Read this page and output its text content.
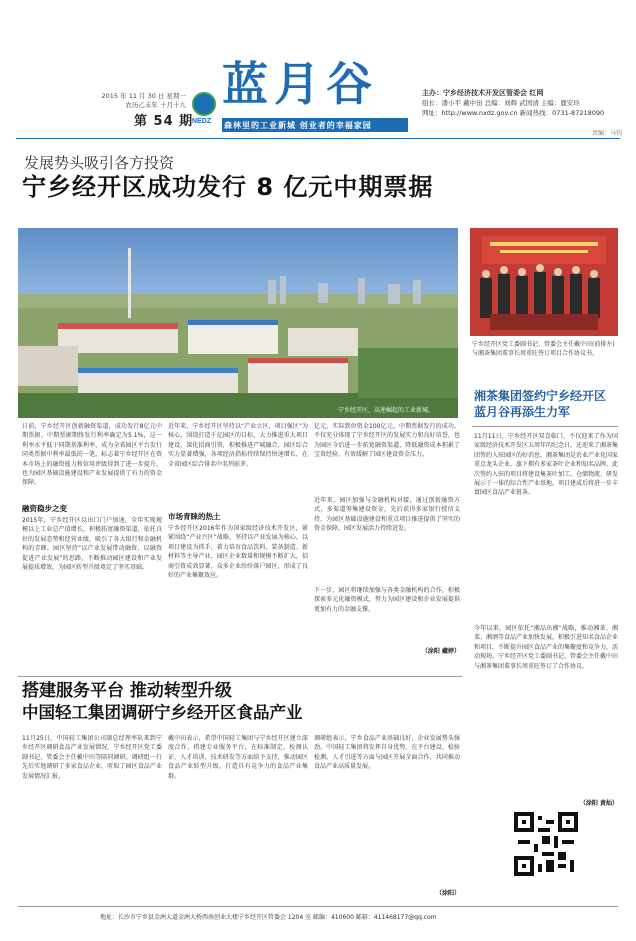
2015 年 11 月 30 日 星期一
农历乙未年 十月十九
第 54 期
NEDZ
蓝月谷
森林里的工业新城 创业者的幸福家园
主办：宁乡经济技术开发区管委会 红网
组长：潘小平 戴中田 总编：刘辉 武国清 主编：鹿安玲
网址：http://www.nxdz.gov.cn 新闻热线：0731-87218090
责编：马钧
发展势头吸引各方投资
宁乡经开区成功发行 8 亿元中期票据
宁乡经开区，高速崛起的工业新城。
日前，宁乡经开区创新融资渠道，成功发行8亿元中期票据。中期票据期终发行利率确定为5.1%，这一利率水平低于同期基准利率，成为全省园区平台发行同类票据中利率最低的一笔，标志着宁乡经开区在资本市场上的融资能力和信用评级得到了进一步提升，也为园区基础设施建设和产业发展提供了有力的资金保障。
融资稳步之变
2015年，宁乡经开区以出口门户加速，全年实现规模以上工业总产值增长，积极拓宽融资渠道，依托良好的发展态势和经营业绩，吸引了各大银行和金融机构的青睐。园区坚持“以产业发展带动融资、以融资促进产业发展”的思路，不断推动园区建设和产业发展提质增效，为园区转型升级奠定了坚实基础。
近年来，宁乡经开区坚持以“产业立区、项目强区”为核心，围绕打造千亿园区的目标，大力推进重大项目建设，深化招商引资，积极推进产城融合，园区综合实力显著增强，各项经济指标持续保持快速增长，在全省园区综合排名中名列前茅。
市场青睐的热土
宁乡经开区2016年作为国家级经济技术开发区，紧紧围绕“产业兴区”战略，坚持以产业发展为核心，以项目建设为抓手，着力培育食品饮料、装备制造、新材料等主导产业，园区企业数量和规模不断扩大，招商引资成效显著，众多企业纷纷落户园区，形成了良好的产业集聚效应。
亿元，实际到位资金100亿元。中期票据发行的成功，不仅充分体现了宁乡经开区的发展实力和良好信誉，也为园区今后进一步拓宽融资渠道、降低融资成本积累了宝贵经验，有效缓解了园区建设资金压力。
近年来，园区加强与金融机构对接，通过创新融资方式，多渠道筹集建设资金，先后获得多家银行授信支持，为园区基础设施建设和重点项目推进提供了坚实的资金保障，园区发展活力持续迸发。
下一步，园区将继续加强与各类金融机构的合作，积极探索多元化融资模式，努力为园区建设和企业发展提供更加有力的金融支撑。
（涂阳 藏婷）
宁乡经开区党工委副书记、管委会主任戴中田(前排左)与湘茶集团董事长周重旺签订项目合作协议书。
湘茶集团签约宁乡经开区
蓝月谷再添生力军
11月11日，宁乡经开区双喜临门，不仅迎来了作为国家级经济技术开发区五周年的纪念日，还迎来了湘茶集团签约入驻园区的好消息。湘茶集团是农业产业化国家重点龙头企业，旗下拥有多家茶叶企业和知名品牌。此次签约入驻的项目将建设集茶叶加工、仓储物流、研发展示于一体的综合性产业基地，项目建成后将进一步丰富园区食品产业链条。
今年以来，园区依托“湘品出湘”战略，推动湘茶、湘菜、湘酒等食品产业加快发展，积极引进知名食品企业和项目，不断提升园区食品产业的集聚度和竞争力。活动现场，宁乡经开区党工委副书记、管委会主任戴中田与湘茶集团董事长周重旺签订了合作协议。
（涂阳 黄灿）
搭建服务平台 推动转型升级
中国轻工集团调研宁乡经开区食品产业
11月25日，中国轻工集团公司副总经理率队来到宁乡经开区调研食品产业发展情况。宁乡经开区党工委副书记、管委会主任戴中田等陪同调研。调研组一行先后实地调研了多家食品企业，听取了园区食品产业发展情况汇报。
戴中田表示，希望中国轻工集团与宁乡经开区建立深度合作，搭建专业服务平台，在标准制定、检测认证、人才培训、技术研发等方面给予支持，推动园区食品产业转型升级，打造具有竞争力的食品产业集群。
调研组表示，宁乡食品产业基础良好，企业发展势头强劲。中国轻工集团将发挥自身优势，在平台建设、检验检测、人才引进等方面与园区开展全面合作，共同推动食品产业高质量发展。
（涂阳）
地址：长沙市宁乡县金洲大道金洲大桥西南创业大楼宁乡经开区管委会 1204 室 邮编：410600 邮箱：411468177@qq.com
